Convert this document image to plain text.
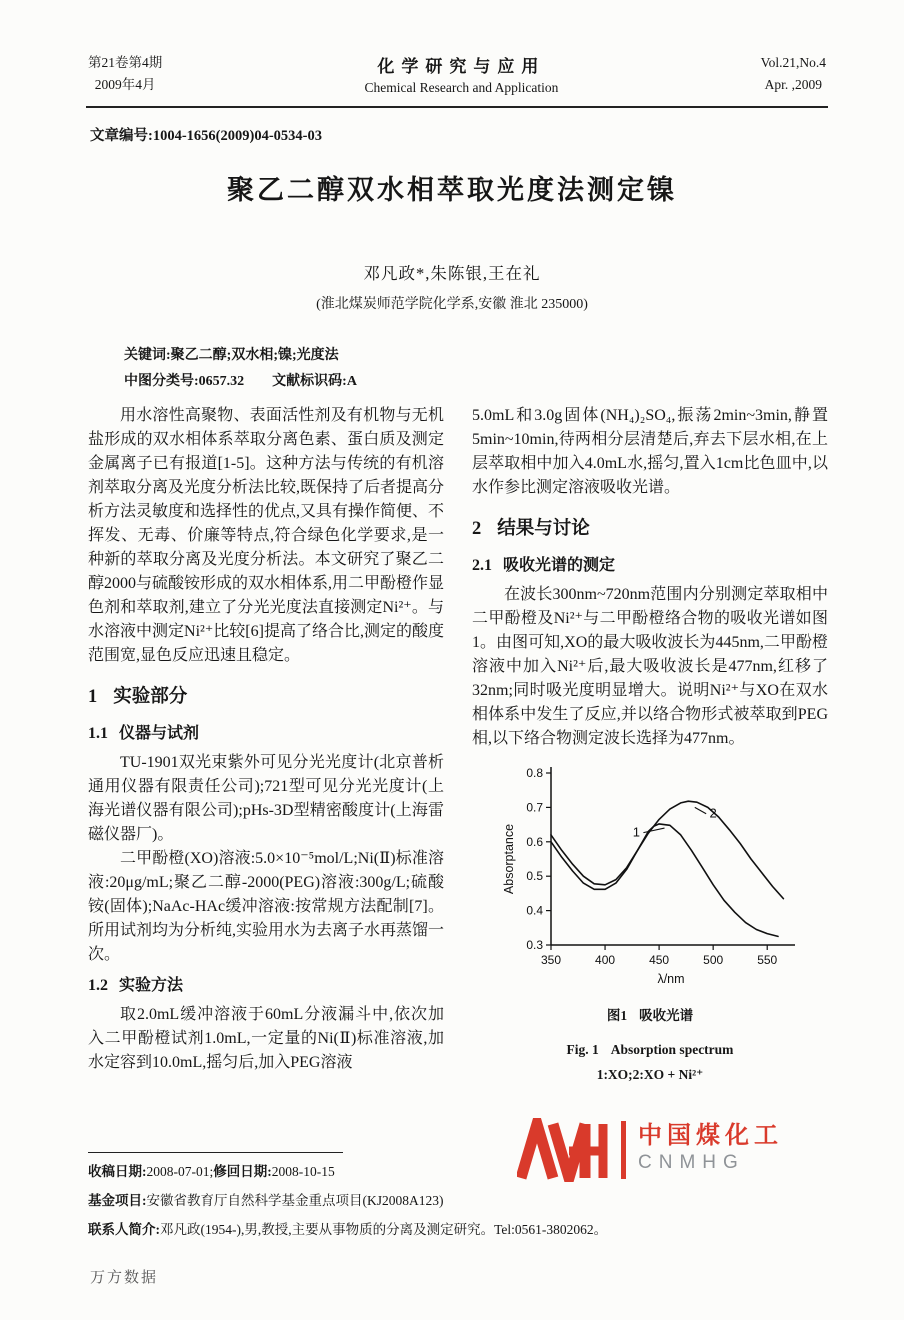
第21卷第4期
2009年4月
化学研究与应用
Chemical Research and Application
Vol.21,No.4
Apr. ,2009
文章编号:1004-1656(2009)04-0534-03
聚乙二醇双水相萃取光度法测定镍
邓凡政*,朱陈银,王在礼
(淮北煤炭师范学院化学系,安徽 淮北 235000)
关键词:聚乙二醇;双水相;镍;光度法
中图分类号:0657.32 文献标识码:A

用水溶性高聚物、表面活性剂及有机物与无机盐形成的双水相体系萃取分离色素、蛋白质及测定金属离子已有报道[1-5]。这种方法与传统的有机溶剂萃取分离及光度分析法比较,既保持了后者提高分析方法灵敏度和选择性的优点,又具有操作简便、不挥发、无毒、价廉等特点,符合绿色化学要求,是一种新的萃取分离及光度分析法。本文研究了聚乙二醇2000与硫酸铵形成的双水相体系,用二甲酚橙作显色剂和萃取剂,建立了分光光度法直接测定Ni²⁺。与水溶液中测定Ni²⁺比较[6]提高了络合比,测定的酸度范围宽,显色反应迅速且稳定。

1 实验部分
1.1 仪器与试剂

TU-1901双光束紫外可见分光光度计(北京普析通用仪器有限责任公司);721型可见分光光度计(上海光谱仪器有限公司);pHs-3D型精密酸度计(上海雷磁仪器厂)。

二甲酚橙(XO)溶液:5.0×10⁻⁵mol/L;Ni(Ⅱ)标准溶液:20μg/mL;聚乙二醇-2000(PEG)溶液:300g/L;硫酸铵(固体);NaAc-HAc缓冲溶液:按常规方法配制[7]。所用试剂均为分析纯,实验用水为去离子水再蒸馏一次。

1.2 实验方法

取2.0mL缓冲溶液于60mL分液漏斗中,依次加入二甲酚橙试剂1.0mL,一定量的Ni(Ⅱ)标准溶液,加水定容到10.0mL,摇匀后,加入PEG溶液

5.0mL和3.0g固体(NH₄)₂SO₄,振荡2min~3min,静置5min~10min,待两相分层清楚后,弃去下层水相,在上层萃取相中加入4.0mL水,摇匀,置入1cm比色皿中,以水作参比测定溶液吸收光谱。

2 结果与讨论
2.1 吸收光谱的测定

在波长300nm~720nm范围内分别测定萃取相中二甲酚橙及Ni²⁺与二甲酚橙络合物的吸收光谱如图1。由图可知,XO的最大吸收波长为445nm,二甲酚橙溶液中加入Ni²⁺后,最大吸收波长是477nm,红移了32nm;同时吸光度明显增大。说明Ni²⁺与XO在双水相体系中发生了反应,并以络合物形式被萃取到PEG相,以下络合物测定波长选择为477nm。

0.3
0.4
0.5
0.6
0.7
0.8
350	400	450	500	550
Absorptance
λ/nm
1
2
图1 吸收光谱
Fig. 1 Absorption spectrum
1:XO;2:XO + Ni²⁺
中国煤化工
CNMHG
收稿日期:2008-07-01;修回日期:2008-10-15
基金项目:安徽省教育厅自然科学基金重点项目(KJ2008A123)
联系人简介:邓凡政(1954-),男,教授,主要从事物质的分离及测定研究。Tel:0561-3802062。
万方数据
